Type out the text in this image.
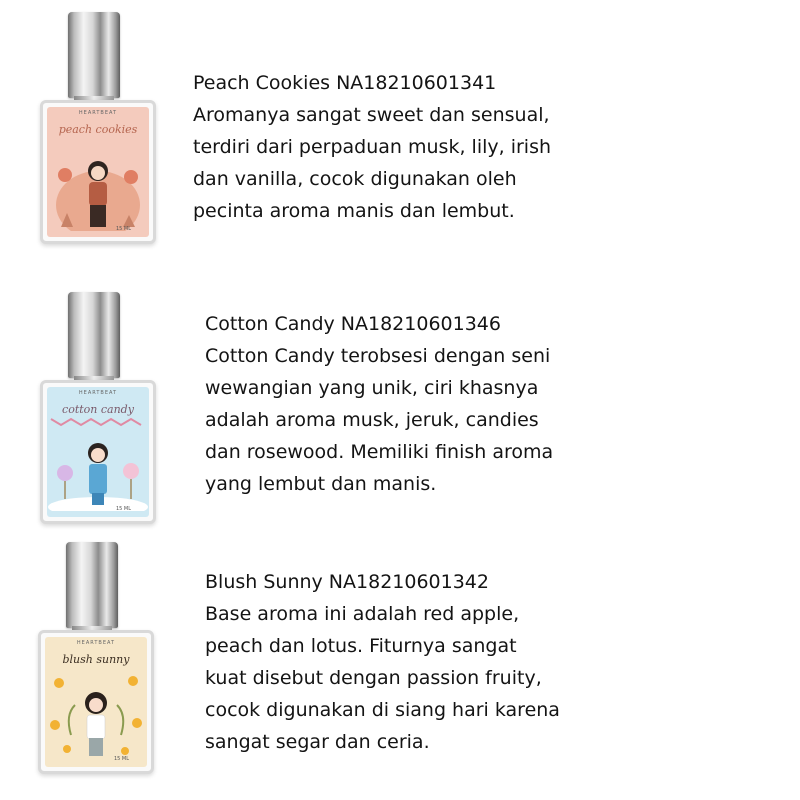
HEARTBEAT
peach cookies
15 ML
Peach Cookies NA18210601341
Aromanya sangat sweet dan sensual,
terdiri dari perpaduan musk, lily, irish
dan vanilla, cocok digunakan oleh
pecinta aroma manis dan lembut.
HEARTBEAT
cotton candy
15 ML
Cotton Candy NA18210601346
Cotton Candy terobsesi dengan seni
wewangian yang unik, ciri khasnya
adalah aroma musk, jeruk, candies
dan rosewood. Memiliki finish aroma
yang lembut dan manis.
HEARTBEAT
blush sunny
15 ML
Blush Sunny NA18210601342
Base aroma ini adalah red apple,
peach dan lotus. Fiturnya sangat
kuat disebut dengan passion fruity,
cocok digunakan di siang hari karena
sangat segar dan ceria.
